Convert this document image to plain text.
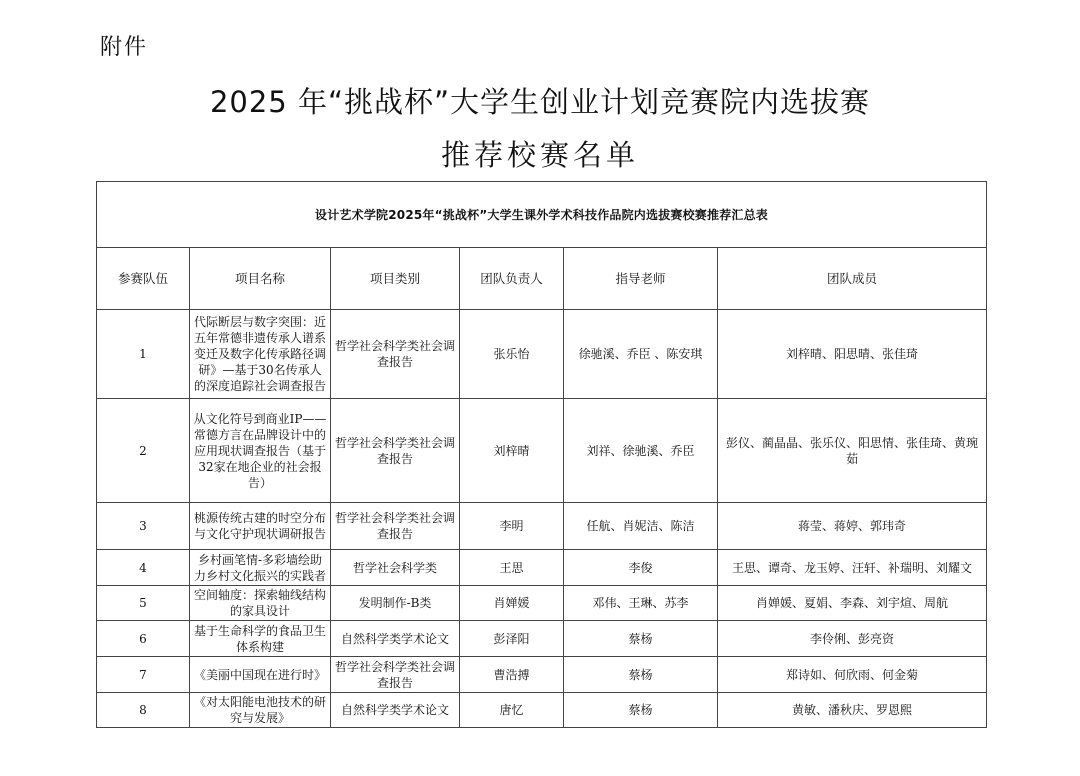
附件
2025 年“挑战杯”大学生创业计划竞赛院内选拔赛
推荐校赛名单
设计艺术学院2025年“挑战杯”大学生课外学术科技作品院内选拔赛校赛推荐汇总表					
参赛队伍	项目名称	项目类别	团队负责人	指导老师	团队成员
1	代际断层与数字突围：近五年常德非遗传承人谱系变迁及数字化传承路径调研》—基于30名传承人的深度追踪社会调查报告	哲学社会科学类社会调查报告	张乐怡	徐驰溪、乔臣 、陈安琪	刘梓晴、阳思晴、张佳琦
2	从文化符号到商业IP——常德方言在品牌设计中的应用现状调查报告（基于32家在地企业的社会报告）	哲学社会科学类社会调查报告	刘梓晴	刘祥、徐驰溪、乔臣	彭仪、蔺晶晶、张乐仪、阳思情、张佳琦、黄琬茹
3	桃源传统古建的时空分布与文化守护现状调研报告	哲学社会科学类社会调查报告	李明	任航、肖妮洁、陈洁	蒋莹、蒋婷、郭玮奇
4	乡村画笔情-多彩墙绘助力乡村文化振兴的实践者	哲学社会科学类	王思	李俊	王思、谭奇、龙玉婷、汪轩、补瑞明、刘耀文
5	空间轴度：探索轴线结构的家具设计	发明制作-B类	肖婵媛	邓伟、王琳、苏李	肖婵媛、夏娟、李森、刘宇煊、周航
6	基于生命科学的食品卫生体系构建	自然科学类学术论文	彭泽阳	蔡杨	李伶俐、彭亮资
7	《美丽中国现在进行时》	哲学社会科学类社会调查报告	曹浩搏	蔡杨	郑诗如、何欣雨、何金菊
8	《对太阳能电池技术的研究与发展》	自然科学类学术论文	唐忆	蔡杨	黄敏、潘秋庆、罗恩熙
